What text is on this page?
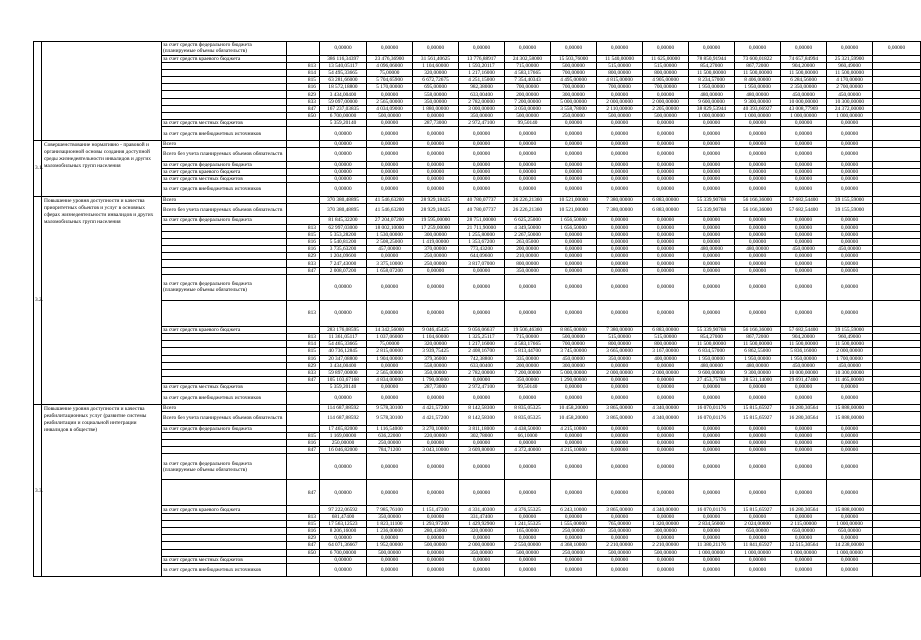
		за счет средств федерального бюджета (планируемые объемы обязательств)		0,00000	0,00000	0,00000	0,00000	0,00000	0,00000	0,00000	0,00000	0,00000	0,00000	0,00000	0,00000	0,00000
		за счет средств краевого бюджета		386 116,34397	23 476,36900	31 561,40625	13 776,88917	24 302,58000	15 503,76000	11 540,00000	11 625,00000	78 850,91944	73 600,01822	74 657,84994	25 321,59900	
			813	13 540,05117	4 096,06000	1 104,60000	1 593,20117	715,00000	500,00000	515,00000	515,00000	854,27000	867,72000	904,20000	960,49000	
			814	54 495,33665	75,00000	320,00000	1 217,16000	4 583,17665	700,00000	800,00000	800,00000	11 500,00000	11 500,00000	11 500,00000	11 500,00000	
			815	63 281,66000	5 704,65900	6 672,72675	4 251,15000	7 354,40343	4 495,00000	4 815,00000	4 905,00000	8 234,57000	8 406,00000	6 284,56000	4 170,00000	
			816	18 572,18800	5 170,00000	695,00000	982,38000	700,00000	700,00000	700,00000	700,00000	1 950,00000	1 950,00000	2 350,00000	2 700,00000	
			829	3 434,00400	0,00000	558,00000	633,00400	200,00000	300,00000	0,00000	0,00000	480,00000	480,00000	450,00000	450,00000	
			833	59 097,00000	2 565,00000	350,00000	2 782,00000	7 200,00000	5 000,00000	2 000,00000	2 000,00000	9 600,00000	9 300,00000	10 000,00000	10 300,00000	
			847	167 237,03835	4 034,09000	1 880,00000	3 000,00000	3 050,00000	3 558,78000	2 110,00000	2 205,00000	38 829,53944	40 393,66927	43 008,77969	24 372,00000	
			850	6 700,00000	500,00000	0,00000	350,00000	500,00000	250,00000	500,00000	500,00000	1 000,00000	1 000,00000	1 000,00000	1 000,00000	
		за счет средств местных бюджетов		5 359,20140	0,00000	287,73000	2 972,47100	99,50140	0,00000	0,00000	0,00000	0,00000	0,00000	0,00000	0,00000	
		за счет средств внебюджетных источников		0,00000	0,00000	0,00000	0,00000	0,00000	0,00000	0,00000	0,00000	0,00000	0,00000	0,00000	0,00000	
3.1.	Совершенствование нормативно - правовой и организационной основы создания доступной среды жизнедеятельности инвалидов и других маломобильных групп населения	Всего		0,00000	0,00000	0,00000	0,00000	0,00000	0,00000	0,00000	0,00000	0,00000	0,00000	0,00000	0,00000	
		Всего без учета планируемых объемов обязательств		0,00000	0,00000	0,00000	0,00000	0,00000	0,00000	0,00000	0,00000	0,00000	0,00000	0,00000	0,00000	
		за счет средств федерального бюджета		0,00000	0,00000	0,00000	0,00000	0,00000	0,00000	0,00000	0,00000	0,00000	0,00000	0,00000	0,00000	
		за счет средств краевого бюджета		0,00000	0,00000	0,00000	0,00000	0,00000	0,00000	0,00000	0,00000	0,00000	0,00000	0,00000	0,00000	
		за счет средств местных бюджетов		0,00000	0,00000	0,00000	0,00000	0,00000	0,00000	0,00000	0,00000	0,00000	0,00000	0,00000	0,00000	
		за счет средств внебюджетных источников		0,00000	0,00000	0,00000	0,00000	0,00000	0,00000	0,00000	0,00000	0,00000	0,00000	0,00000	0,00000	
3.2.	Повышение уровня доступности и качества приоритетных объектов и услуг в основных сферах жизнедеятельности инвалидов и других маломобильных групп населения	Всего		370 380,48895	41 546,63200	28 929,18425	40 780,07737	26 226,21360	10 521,00000	7 380,00000	6 883,00000	55 339,90768	56 166,36000	57 682,54400	39 155,59000	
		Всего без учета планируемых объемов обязательств		370 380,48895	41 546,63200	28 929,18425	40 780,07737	26 226,21360	10 521,00000	7 380,00000	6 883,00000	55 339,90768	56 166,36000	57 682,54400	39 155,59000	
		за счет средств федерального бюджета		81 845,32200	27 204,07200	19 595,00000	28 751,00000	6 625,25000	1 656,50000	0,00000	0,00000	0,00000	0,00000	0,00000	0,00000	
			813	62 997,03000	18 002,10000	17 259,00000	21 711,90000	4 349,50000	1 656,50000	0,00000	0,00000	0,00000	0,00000	0,00000	0,00000	
			815	5 353,28200	1 530,00000	300,00000	1 255,80000	2 267,50000	0,00000	0,00000	0,00000	0,00000	0,00000	0,00000	0,00000	
			816	5 540,81200	2 508,25000	1 419,00000	1 353,67200	263,05000	0,00000	0,00000	0,00000	0,00000	0,00000	0,00000	0,00000	
			816	3 735,63200	457,00000	370,00000	773,43200	200,00000	0,00000	0,00000	0,00000	480,00000	480,00000	450,00000	450,00000	
			829	1 204,09600	0,00000	250,00000	644,09600	210,00000	0,00000	0,00000	0,00000	0,00000	0,00000	0,00000	0,00000	
			833	7 247,43000	3 375,10000	250,00000	3 817,07000	800,00000	0,00000	0,00000	0,00000	0,00000	0,00000	0,00000	0,00000	
			847	2 008,07200	1 658,07200	0,00000	0,00000	350,00000	0,00000	0,00000	0,00000	0,00000	0,00000	0,00000	0,00000	
		за счет средств федерального бюджета (планируемые объемы обязательств)		0,00000	0,00000	0,00000	0,00000	0,00000	0,00000	0,00000	0,00000	0,00000	0,00000	0,00000	0,00000	
			813	0,00000	0,00000	0,00000	0,00000	0,00000	0,00000	0,00000	0,00000	0,00000	0,00000	0,00000	0,00000	
		за счет средств краевого бюджета		283 176,08595	14 342,56000	9 046,45425	9 056,06637	19 506,46360	8 865,00000	7 380,00000	6 883,00000	55 339,90768	56 166,36000	57 682,54400	39 155,59000	
			813	11 361,05117	1 037,06000	1 104,60000	1 325,25117	715,00000	500,00000	515,00000	515,00000	854,27000	867,72000	904,20000	960,49000	
			814	54 465,33665	75,00000	320,00000	1 217,16000	4 583,17665	700,00000	800,00000	800,00000	11 500,00000	11 500,00000	11 500,00000	11 500,00000	
			815	40 736,12845	2 815,00000	3 939,75425	2 408,16700	5 813,44700	3 745,00000	3 665,00000	3 167,00000	6 834,57000	6 862,55000	5 836,16000	2 000,00000	
			816	20 347,08800	1 904,00000	379,36000	742,38800	335,00000	450,00000	350,00000	400,00000	1 950,00000	1 950,00000	1 950,00000	1 700,00000	
			829	3 434,00400	0,00000	558,00000	633,00400	200,00000	300,00000	0,00000	0,00000	480,00000	480,00000	450,00000	450,00000	
			833	59 897,00000	2 565,00000	350,00000	2 782,00000	7 200,00000	5 000,00000	2 000,00000	2 000,00000	9 600,00000	9 300,00000	10 000,00000	10 300,00000	
			847	105 103,67168	4 834,00000	1 790,00000	0,00000	350,00000	1 290,00000	0,00000	0,00000	27 453,75768	28 531,14000	29 691,47400	11 465,00000	
		за счет средств местных бюджетов		5 359,20140	0,00000	287,73000	2 972,47100	99,50140	0,00000	0,00000	0,00000	0,00000	0,00000	0,00000	0,00000	
		за счет средств внебюджетных источников		0,00000	0,00000	0,00000	0,00000	0,00000	0,00000	0,00000	0,00000	0,00000	0,00000	0,00000	0,00000	
3.3.	Повышение уровня доступности и качества реабилитационных услуг (развитие системы реабилитации и социальной интеграции инвалидов в обществе)	Всего		114 687,88592	9 578,30100	4 421,57200	8 142,58300	8 835,05325	10 458,20000	3 865,00000	4 340,00000	16 070,01176	15 815,65927	16 280,30564	15 888,00000	
		Всего без учета планируемых объемов обязательств		114 687,88592	9 578,30100	4 421,57200	8 142,58300	8 835,05325	10 458,20000	3 865,00000	4 340,00000	16 070,01176	15 815,65927	16 280,30564	15 888,00000	
		за счет средств федерального бюджета		17 465,82000	1 116,54000	3 270,10000	3 811,18000	4 438,50000	4 215,10000	0,00000	0,00000	0,00000	0,00000	0,00000	0,00000	
			815	1 169,00000	636,22000	220,00000	302,78000	66,10000	0,00000	0,00000	0,00000	0,00000	0,00000	0,00000	0,00000	
			816	250,00000	250,00000	0,00000	0,00000	0,00000	0,00000	0,00000	0,00000	0,00000	0,00000	0,00000	0,00000	
			847	16 046,82000	784,71200	3 043,10000	3 609,80000	4 372,40000	4 215,10000	0,00000	0,00000	0,00000	0,00000	0,00000	0,00000	
		за счет средств федерального бюджета (планируемые объемы обязательств)		0,00000	0,00000	0,00000	0,00000	0,00000	0,00000	0,00000	0,00000	0,00000	0,00000	0,00000	0,00000	
			847	0,00000	0,00000	0,00000	0,00000	0,00000	0,00000	0,00000	0,00000	0,00000	0,00000	0,00000	0,00000	
		за счет средств краевого бюджета		97 222,06592	7 985,76100	1 151,47200	4 331,40300	4 376,55325	6 243,10000	3 865,00000	4 340,00000	16 070,01176	15 815,65927	16 280,30564	15 888,00000	
			813	681,47400	350,00000	0,00000	331,47400	0,00000	0,00000	0,00000	0,00000	0,00000	0,00000	0,00000	0,00000	
			815	17 563,12523	1 823,11100	1 293,97200	1 429,92900	1 241,55325	1 555,00000	765,00000	1 320,00000	2 834,56000	2 024,00000	2 115,00000	1 000,00000	
			816	8 206,16000	1 236,00000	280,43000	320,00000	165,00000	250,00000	350,00000	300,00000	0,00000	650,00000	650,00000	650,00000	
			829	0,00000	0,00000	0,00000	0,00000	0,00000	0,00000	0,00000	0,00000	0,00000	0,00000	0,00000	0,00000	
			847	64 071,36667	1 952,00000	500,00000	2 000,00000	2 550,00000	4 368,10000	2 210,00000	2 210,00000	11 380,21176	11 841,65927	12 515,30564	14 238,00000	
			850	6 700,00000	500,00000	0,00000	350,00000	500,00000	250,00000	500,00000	500,00000	1 000,00000	1 000,00000	1 000,00000	1 000,00000	
		за счет средств местных бюджетов		0,00000	0,00000	0,00000	0,00000	0,00000	0,00000	0,00000	0,00000	0,00000	0,00000	0,00000	0,00000	
		за счет средств внебюджетных источников		0,00000	0,00000	0,00000	0,00000	0,00000	0,00000	0,00000	0,00000	0,00000	0,00000	0,00000	0,00000	
